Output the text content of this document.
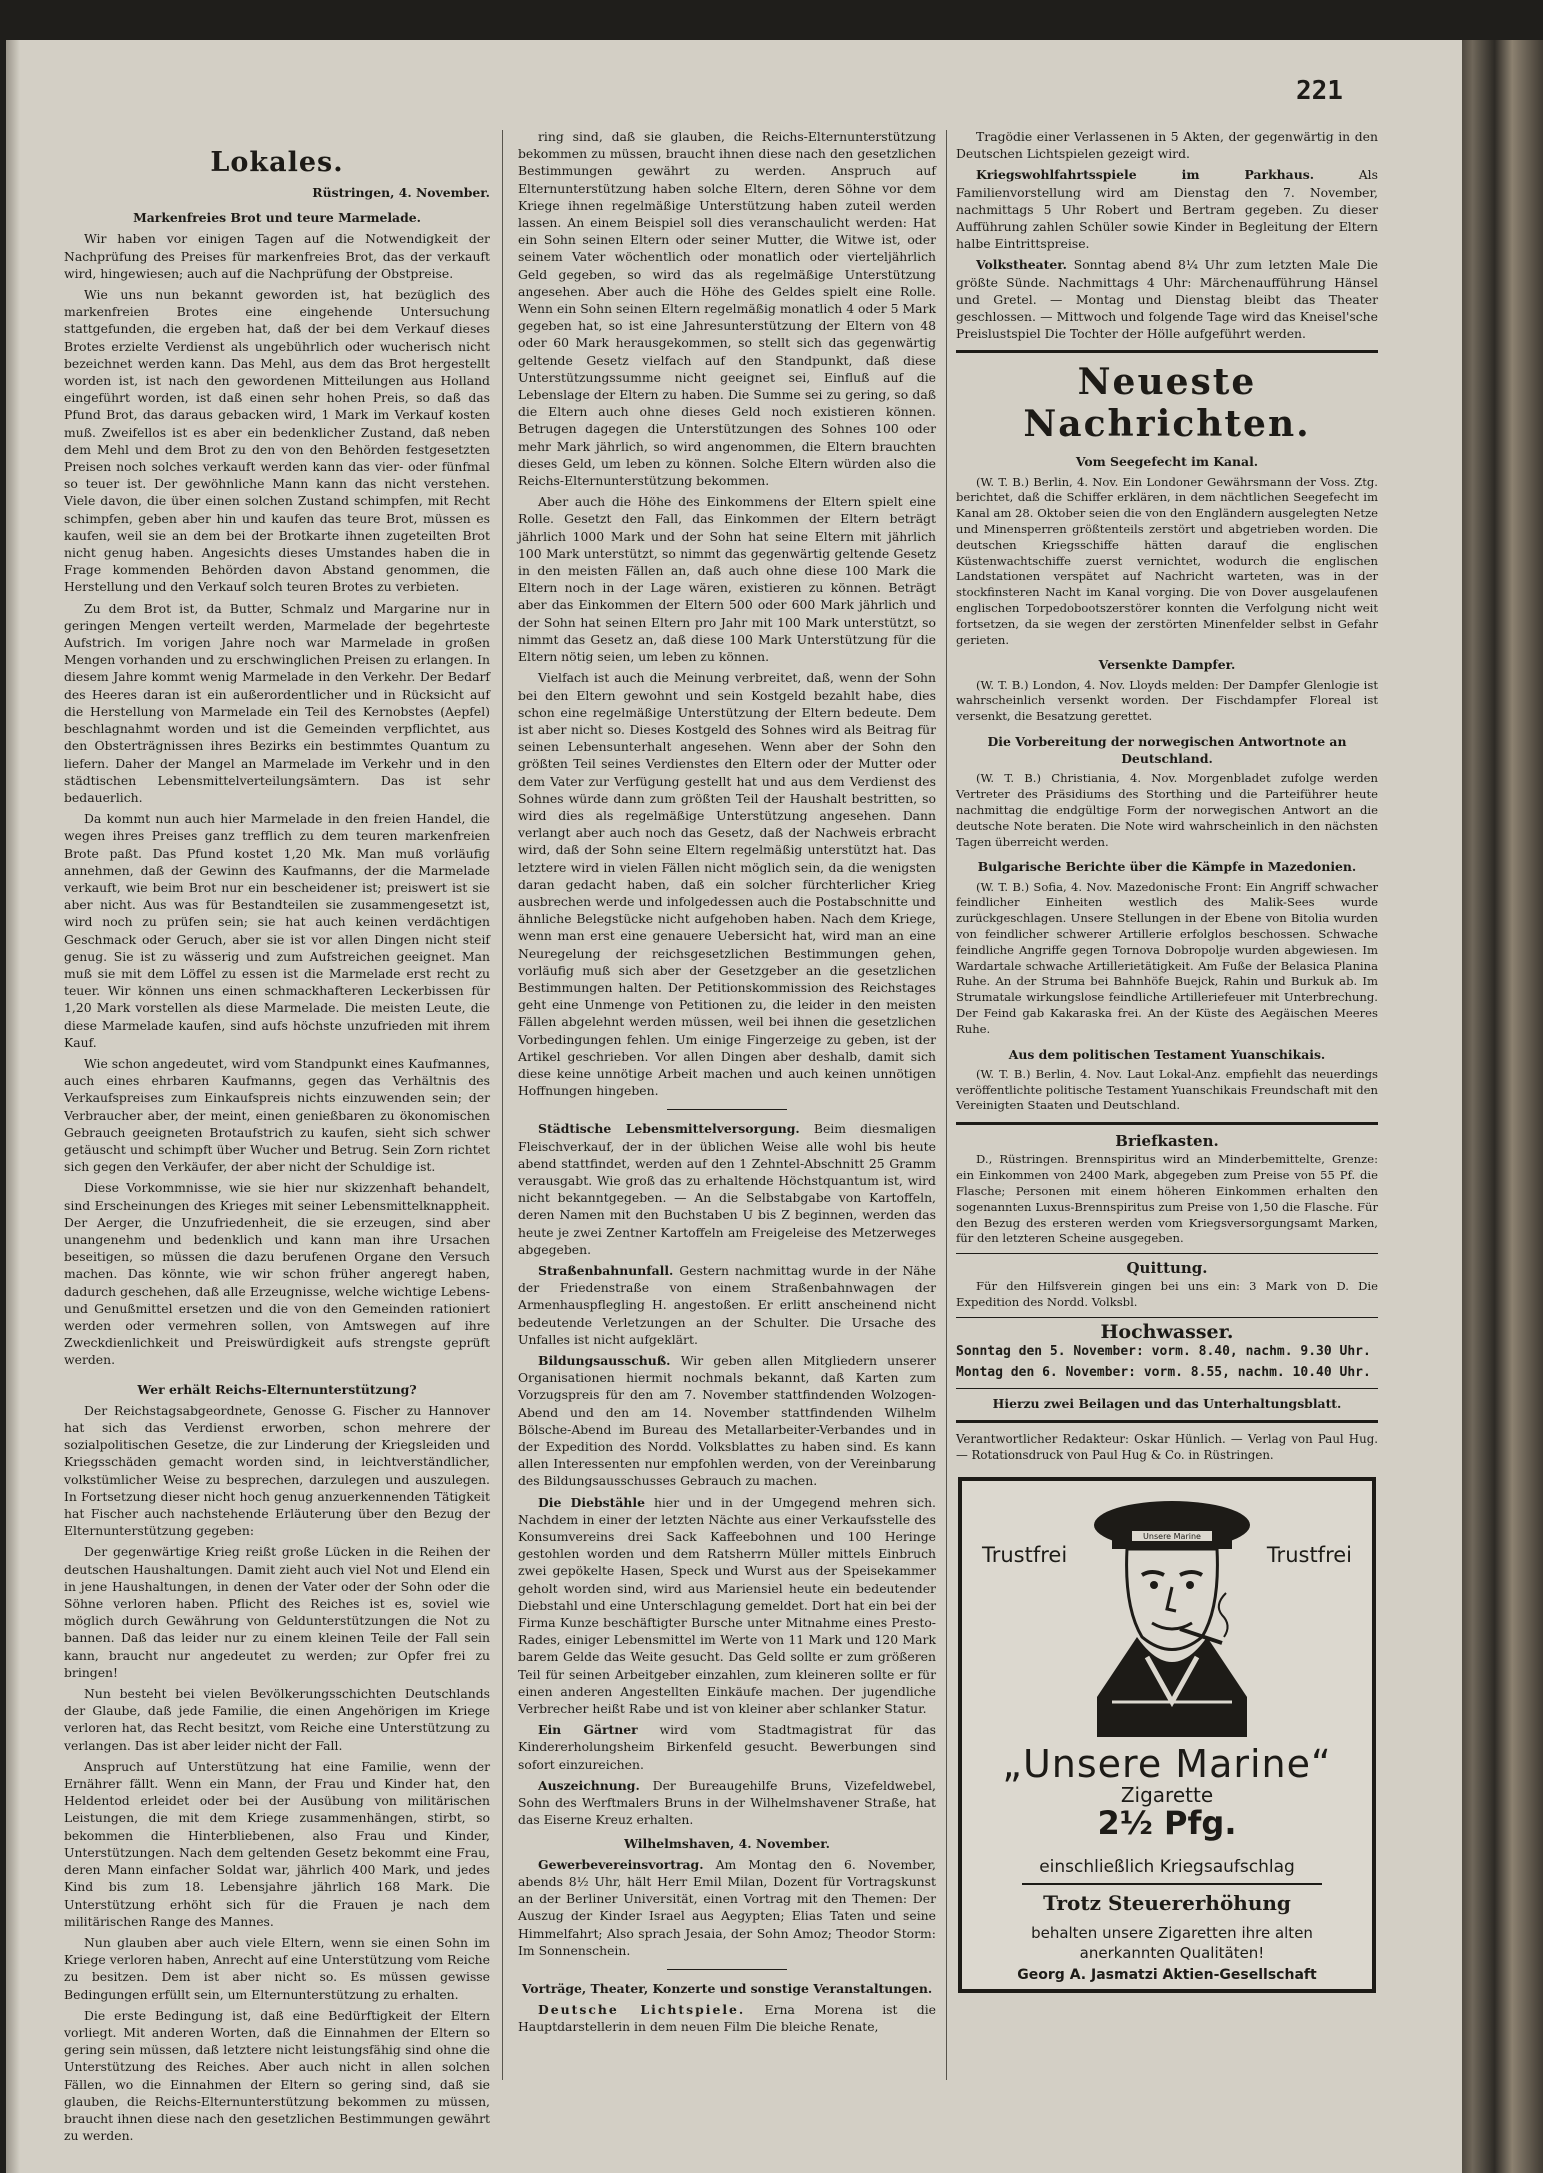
221
Lokales.
Rüstringen, 4. November.
Markenfreies Brot und teure Marmelade.

Wir haben vor einigen Tagen auf die Notwendigkeit der Nachprüfung des Preises für markenfreies Brot, das der verkauft wird, hingewiesen; auch auf die Nachprüfung der Obstpreise.

Wie uns nun bekannt geworden ist, hat bezüglich des markenfreien Brotes eine eingehende Untersuchung stattgefunden, die ergeben hat, daß der bei dem Verkauf dieses Brotes erzielte Verdienst als ungebührlich oder wucherisch nicht bezeichnet werden kann. Das Mehl, aus dem das Brot hergestellt worden ist, ist nach den gewordenen Mitteilungen aus Holland eingeführt worden, ist daß einen sehr hohen Preis, so daß das Pfund Brot, das daraus gebacken wird, 1 Mark im Verkauf kosten muß. Zweifellos ist es aber ein bedenklicher Zustand, daß neben dem Mehl und dem Brot zu den von den Behörden festgesetzten Preisen noch solches verkauft werden kann das vier- oder fünfmal so teuer ist. Der gewöhnliche Mann kann das nicht verstehen. Viele davon, die über einen solchen Zustand schimpfen, mit Recht schimpfen, geben aber hin und kaufen das teure Brot, müssen es kaufen, weil sie an dem bei der Brotkarte ihnen zugeteilten Brot nicht genug haben. Angesichts dieses Umstandes haben die in Frage kommenden Behörden davon Abstand genommen, die Herstellung und den Verkauf solch teuren Brotes zu verbieten.

Zu dem Brot ist, da Butter, Schmalz und Margarine nur in geringen Mengen verteilt werden, Marmelade der begehrteste Aufstrich. Im vorigen Jahre noch war Marmelade in großen Mengen vorhanden und zu erschwinglichen Preisen zu erlangen. In diesem Jahre kommt wenig Marmelade in den Verkehr. Der Bedarf des Heeres daran ist ein außerordentlicher und in Rücksicht auf die Herstellung von Marmelade ein Teil des Kernobstes (Aepfel) beschlagnahmt worden und ist die Gemeinden verpflichtet, aus den Obsterträgnissen ihres Bezirks ein bestimmtes Quantum zu liefern. Daher der Mangel an Marmelade im Verkehr und in den städtischen Lebensmittelverteilungsämtern. Das ist sehr bedauerlich.

Da kommt nun auch hier Marmelade in den freien Handel, die wegen ihres Preises ganz trefflich zu dem teuren markenfreien Brote paßt. Das Pfund kostet 1,20 Mk. Man muß vorläufig annehmen, daß der Gewinn des Kaufmanns, der die Marmelade verkauft, wie beim Brot nur ein bescheidener ist; preiswert ist sie aber nicht. Aus was für Bestandteilen sie zusammengesetzt ist, wird noch zu prüfen sein; sie hat auch keinen verdächtigen Geschmack oder Geruch, aber sie ist vor allen Dingen nicht steif genug. Sie ist zu wässerig und zum Aufstreichen geeignet. Man muß sie mit dem Löffel zu essen ist die Marmelade erst recht zu teuer. Wir können uns einen schmackhafteren Leckerbissen für 1,20 Mark vorstellen als diese Marmelade. Die meisten Leute, die diese Marmelade kaufen, sind aufs höchste unzufrieden mit ihrem Kauf.

Wie schon angedeutet, wird vom Standpunkt eines Kaufmannes, auch eines ehrbaren Kaufmanns, gegen das Verhältnis des Verkaufspreises zum Einkaufspreis nichts einzuwenden sein; der Verbraucher aber, der meint, einen genießbaren zu ökonomischen Gebrauch geeigneten Brotaufstrich zu kaufen, sieht sich schwer getäuscht und schimpft über Wucher und Betrug. Sein Zorn richtet sich gegen den Verkäufer, der aber nicht der Schuldige ist.

Diese Vorkommnisse, wie sie hier nur skizzenhaft behandelt, sind Erscheinungen des Krieges mit seiner Lebensmittelknappheit. Der Aerger, die Unzufriedenheit, die sie erzeugen, sind aber unangenehm und bedenklich und kann man ihre Ursachen beseitigen, so müssen die dazu berufenen Organe den Versuch machen. Das könnte, wie wir schon früher angeregt haben, dadurch geschehen, daß alle Erzeugnisse, welche wichtige Lebens- und Genußmittel ersetzen und die von den Gemeinden rationiert werden oder vermehren sollen, von Amtswegen auf ihre Zweckdienlichkeit und Preiswürdigkeit aufs strengste geprüft werden.

Wer erhält Reichs-Elternunterstützung?

Der Reichstagsabgeordnete, Genosse G. Fischer zu Hannover hat sich das Verdienst erworben, schon mehrere der sozialpolitischen Gesetze, die zur Linderung der Kriegsleiden und Kriegsschäden gemacht worden sind, in leichtverständlicher, volkstümlicher Weise zu besprechen, darzulegen und auszulegen. In Fortsetzung dieser nicht hoch genug anzuerkennenden Tätigkeit hat Fischer auch nachstehende Erläuterung über den Bezug der Elternunterstützung gegeben:

Der gegenwärtige Krieg reißt große Lücken in die Reihen der deutschen Haushaltungen. Damit zieht auch viel Not und Elend ein in jene Haushaltungen, in denen der Vater oder der Sohn oder die Söhne verloren haben. Pflicht des Reiches ist es, soviel wie möglich durch Gewährung von Geldunterstützungen die Not zu bannen. Daß das leider nur zu einem kleinen Teile der Fall sein kann, braucht nur angedeutet zu werden; zur Opfer frei zu bringen!

Nun besteht bei vielen Bevölkerungsschichten Deutschlands der Glaube, daß jede Familie, die einen Angehörigen im Kriege verloren hat, das Recht besitzt, vom Reiche eine Unterstützung zu verlangen. Das ist aber leider nicht der Fall.

Anspruch auf Unterstützung hat eine Familie, wenn der Ernährer fällt. Wenn ein Mann, der Frau und Kinder hat, den Heldentod erleidet oder bei der Ausübung von militärischen Leistungen, die mit dem Kriege zusammenhängen, stirbt, so bekommen die Hinterbliebenen, also Frau und Kinder, Unterstützungen. Nach dem geltenden Gesetz bekommt eine Frau, deren Mann einfacher Soldat war, jährlich 400 Mark, und jedes Kind bis zum 18. Lebensjahre jährlich 168 Mark. Die Unterstützung erhöht sich für die Frauen je nach dem militärischen Range des Mannes.

Nun glauben aber auch viele Eltern, wenn sie einen Sohn im Kriege verloren haben, Anrecht auf eine Unterstützung vom Reiche zu besitzen. Dem ist aber nicht so. Es müssen gewisse Bedingungen erfüllt sein, um Elternunterstützung zu erhalten.

Die erste Bedingung ist, daß eine Bedürftigkeit der Eltern vorliegt. Mit anderen Worten, daß die Einnahmen der Eltern so gering sein müssen, daß letztere nicht leistungsfähig sind ohne die Unterstützung des Reiches. Aber auch nicht in allen solchen Fällen, wo die Einnahmen der Eltern so gering sind, daß sie glauben, die Reichs-Elternunterstützung bekommen zu müssen, braucht ihnen diese nach den gesetzlichen Bestimmungen gewährt zu werden.

ring sind, daß sie glauben, die Reichs-Elternunterstützung bekommen zu müssen, braucht ihnen diese nach den gesetzlichen Bestimmungen gewährt zu werden. Anspruch auf Elternunterstützung haben solche Eltern, deren Söhne vor dem Kriege ihnen regelmäßige Unterstützung haben zuteil werden lassen. An einem Beispiel soll dies veranschaulicht werden: Hat ein Sohn seinen Eltern oder seiner Mutter, die Witwe ist, oder seinem Vater wöchentlich oder monatlich oder vierteljährlich Geld gegeben, so wird das als regelmäßige Unterstützung angesehen. Aber auch die Höhe des Geldes spielt eine Rolle. Wenn ein Sohn seinen Eltern regelmäßig monatlich 4 oder 5 Mark gegeben hat, so ist eine Jahresunterstützung der Eltern von 48 oder 60 Mark herausgekommen, so stellt sich das gegenwärtig geltende Gesetz vielfach auf den Standpunkt, daß diese Unterstützungssumme nicht geeignet sei, Einfluß auf die Lebenslage der Eltern zu haben. Die Summe sei zu gering, so daß die Eltern auch ohne dieses Geld noch existieren können. Betrugen dagegen die Unterstützungen des Sohnes 100 oder mehr Mark jährlich, so wird angenommen, die Eltern brauchten dieses Geld, um leben zu können. Solche Eltern würden also die Reichs-Elternunterstützung bekommen.

Aber auch die Höhe des Einkommens der Eltern spielt eine Rolle. Gesetzt den Fall, das Einkommen der Eltern beträgt jährlich 1000 Mark und der Sohn hat seine Eltern mit jährlich 100 Mark unterstützt, so nimmt das gegenwärtig geltende Gesetz in den meisten Fällen an, daß auch ohne diese 100 Mark die Eltern noch in der Lage wären, existieren zu können. Beträgt aber das Einkommen der Eltern 500 oder 600 Mark jährlich und der Sohn hat seinen Eltern pro Jahr mit 100 Mark unterstützt, so nimmt das Gesetz an, daß diese 100 Mark Unterstützung für die Eltern nötig seien, um leben zu können.

Vielfach ist auch die Meinung verbreitet, daß, wenn der Sohn bei den Eltern gewohnt und sein Kostgeld bezahlt habe, dies schon eine regelmäßige Unterstützung der Eltern bedeute. Dem ist aber nicht so. Dieses Kostgeld des Sohnes wird als Beitrag für seinen Lebensunterhalt angesehen. Wenn aber der Sohn den größten Teil seines Verdienstes den Eltern oder der Mutter oder dem Vater zur Verfügung gestellt hat und aus dem Verdienst des Sohnes würde dann zum größten Teil der Haushalt bestritten, so wird dies als regelmäßige Unterstützung angesehen. Dann verlangt aber auch noch das Gesetz, daß der Nachweis erbracht wird, daß der Sohn seine Eltern regelmäßig unterstützt hat. Das letztere wird in vielen Fällen nicht möglich sein, da die wenigsten daran gedacht haben, daß ein solcher fürchterlicher Krieg ausbrechen werde und infolgedessen auch die Postabschnitte und ähnliche Belegstücke nicht aufgehoben haben. Nach dem Kriege, wenn man erst eine genauere Uebersicht hat, wird man an eine Neuregelung der reichsgesetzlichen Bestimmungen gehen, vorläufig muß sich aber der Gesetzgeber an die gesetzlichen Bestimmungen halten. Der Petitionskommission des Reichstages geht eine Unmenge von Petitionen zu, die leider in den meisten Fällen abgelehnt werden müssen, weil bei ihnen die gesetzlichen Vorbedingungen fehlen. Um einige Fingerzeige zu geben, ist der Artikel geschrieben. Vor allen Dingen aber deshalb, damit sich diese keine unnötige Arbeit machen und auch keinen unnötigen Hoffnungen hingeben.

Städtische Lebensmittelversorgung. Beim diesmaligen Fleischverkauf, der in der üblichen Weise alle wohl bis heute abend stattfindet, werden auf den 1 Zehntel-Abschnitt 25 Gramm verausgabt. Wie groß das zu erhaltende Höchstquantum ist, wird nicht bekanntgegeben. — An die Selbstabgabe von Kartoffeln, deren Namen mit den Buchstaben U bis Z beginnen, werden das heute je zwei Zentner Kartoffeln am Freigeleise des Metzerweges abgegeben.

Straßenbahnunfall. Gestern nachmittag wurde in der Nähe der Friedenstraße von einem Straßenbahnwagen der Armenhauspflegling H. angestoßen. Er erlitt anscheinend nicht bedeutende Verletzungen an der Schulter. Die Ursache des Unfalles ist nicht aufgeklärt.

Bildungsausschuß. Wir geben allen Mitgliedern unserer Organisationen hiermit nochmals bekannt, daß Karten zum Vorzugspreis für den am 7. November stattfindenden Wolzogen-Abend und den am 14. November stattfindenden Wilhelm Bölsche-Abend im Bureau des Metallarbeiter-Verbandes und in der Expedition des Nordd. Volksblattes zu haben sind. Es kann allen Interessenten nur empfohlen werden, von der Vereinbarung des Bildungsausschusses Gebrauch zu machen.

Die Diebstähle hier und in der Umgegend mehren sich. Nachdem in einer der letzten Nächte aus einer Verkaufsstelle des Konsumvereins drei Sack Kaffeebohnen und 100 Heringe gestohlen worden und dem Ratsherrn Müller mittels Einbruch zwei gepökelte Hasen, Speck und Wurst aus der Speisekammer geholt worden sind, wird aus Mariensiel heute ein bedeutender Diebstahl und eine Unterschlagung gemeldet. Dort hat ein bei der Firma Kunze beschäftigter Bursche unter Mitnahme eines Presto-Rades, einiger Lebensmittel im Werte von 11 Mark und 120 Mark barem Gelde das Weite gesucht. Das Geld sollte er zum größeren Teil für seinen Arbeitgeber einzahlen, zum kleineren sollte er für einen anderen Angestellten Einkäufe machen. Der jugendliche Verbrecher heißt Rabe und ist von kleiner aber schlanker Statur.

Ein Gärtner wird vom Stadtmagistrat für das Kindererholungsheim Birkenfeld gesucht. Bewerbungen sind sofort einzureichen.

Auszeichnung. Der Bureaugehilfe Bruns, Vizefeldwebel, Sohn des Werftmalers Bruns in der Wilhelmshavener Straße, hat das Eiserne Kreuz erhalten.

Wilhelmshaven, 4. November.

Gewerbevereinsvortrag. Am Montag den 6. November, abends 8½ Uhr, hält Herr Emil Milan, Dozent für Vortragskunst an der Berliner Universität, einen Vortrag mit den Themen: Der Auszug der Kinder Israel aus Aegypten; Elias Taten und seine Himmelfahrt; Also sprach Jesaia, der Sohn Amoz; Theodor Storm: Im Sonnenschein.

Vorträge, Theater, Konzerte und sonstige Veranstaltungen.

Deutsche Lichtspiele. Erna Morena ist die Hauptdarstellerin in dem neuen Film Die bleiche Renate,

Tragödie einer Verlassenen in 5 Akten, der gegenwärtig in den Deutschen Lichtspielen gezeigt wird.

Kriegswohlfahrtsspiele im Parkhaus.	Als Familienvorstellung wird am Dienstag den 7. November, nachmittags 5 Uhr Robert und Bertram gegeben. Zu dieser Aufführung zahlen Schüler sowie Kinder in Begleitung der Eltern halbe Eintrittspreise.

Volkstheater. Sonntag abend 8¼ Uhr zum letzten Male Die größte Sünde. Nachmittags 4 Uhr: Märchenaufführung Hänsel und Gretel. — Montag und Dienstag bleibt das Theater geschlossen. — Mittwoch und folgende Tage wird das Kneisel'sche Preislustspiel Die Tochter der Hölle aufgeführt werden.

Neueste Nachrichten.
Vom Seegefecht im Kanal.

(W. T. B.) Berlin, 4. Nov. Ein Londoner Gewährsmann der Voss. Ztg. berichtet, daß die Schiffer erklären, in dem nächtlichen Seegefecht im Kanal am 28. Oktober seien die von den Engländern ausgelegten Netze und Minensperren größtenteils zerstört und abgetrieben worden. Die deutschen Kriegsschiffe hätten darauf die englischen Küstenwachtschiffe zuerst vernichtet, wodurch die englischen Landstationen verspätet auf Nachricht warteten, was in der stockfinsteren Nacht im Kanal vorging. Die von Dover ausgelaufenen englischen Torpedobootszerstörer konnten die Verfolgung nicht weit fortsetzen, da sie wegen der zerstörten Minenfelder selbst in Gefahr gerieten.

Versenkte Dampfer.

(W. T. B.) London, 4. Nov. Lloyds melden: Der Dampfer Glenlogie ist wahrscheinlich versenkt worden. Der Fischdampfer Floreal ist versenkt, die Besatzung gerettet.

Die Vorbereitung der norwegischen Antwortnote an Deutschland.

(W. T. B.) Christiania, 4. Nov. Morgenbladet zufolge werden Vertreter des Präsidiums des Storthing und die Parteiführer heute nachmittag die endgültige Form der norwegischen Antwort an die deutsche Note beraten. Die Note wird wahrscheinlich in den nächsten Tagen überreicht werden.

Bulgarische Berichte über die Kämpfe in Mazedonien.

(W. T. B.) Sofia, 4. Nov. Mazedonische Front: Ein Angriff schwacher feindlicher Einheiten westlich des Malik-Sees wurde zurückgeschlagen. Unsere Stellungen in der Ebene von Bitolia wurden von feindlicher schwerer Artillerie erfolglos beschossen. Schwache feindliche Angriffe gegen Tornova Dobropolje wurden abgewiesen. Im Wardartale schwache Artillerietätigkeit. Am Fuße der Belasica Planina Ruhe. An der Struma bei Bahnhöfe Buejck, Rahin und Burkuk ab. Im Strumatale wirkungslose feindliche Artilleriefeuer mit Unterbrechung. Der Feind gab Kakaraska frei. An der Küste des Aegäischen Meeres Ruhe.

Aus dem politischen Testament Yuanschikais.

(W. T. B.) Berlin, 4. Nov. Laut Lokal-Anz. empfiehlt das neuerdings veröffentlichte politische Testament Yuanschikais Freundschaft mit den Vereinigten Staaten und Deutschland.

Briefkasten.

D., Rüstringen. Brennspiritus wird an Minderbemittelte, Grenze: ein Einkommen von 2400 Mark, abgegeben zum Preise von 55 Pf. die Flasche; Personen mit einem höheren Einkommen erhalten den sogenannten Luxus-Brennspiritus zum Preise von 1,50 die Flasche. Für den Bezug des ersteren werden vom Kriegsversorgungsamt Marken, für den letzteren Scheine ausgegeben.

Quittung.

Für den Hilfsverein gingen bei uns ein: 3 Mark von D. Die Expedition des Nordd. Volksbl.

Hochwasser.

Sonntag den 5. November: vorm. 8.40, nachm. 9.30 Uhr.

Montag den 6. November: vorm. 8.55, nachm. 10.40 Uhr.

Hierzu zwei Beilagen und das Unterhaltungsblatt.

Verantwortlicher Redakteur: Oskar Hünlich. — Verlag von Paul Hug. — Rotationsdruck von Paul Hug & Co. in Rüstringen.

Unsere Marine
Trustfrei	Trustfrei
„Unsere Marine“
Zigarette
2½ Pfg.
einschließlich Kriegsaufschlag
Trotz Steuererhöhung
behalten unsere Zigaretten ihre alten anerkannten Qualitäten!
Georg A. Jasmatzi Aktien-Gesellschaft
